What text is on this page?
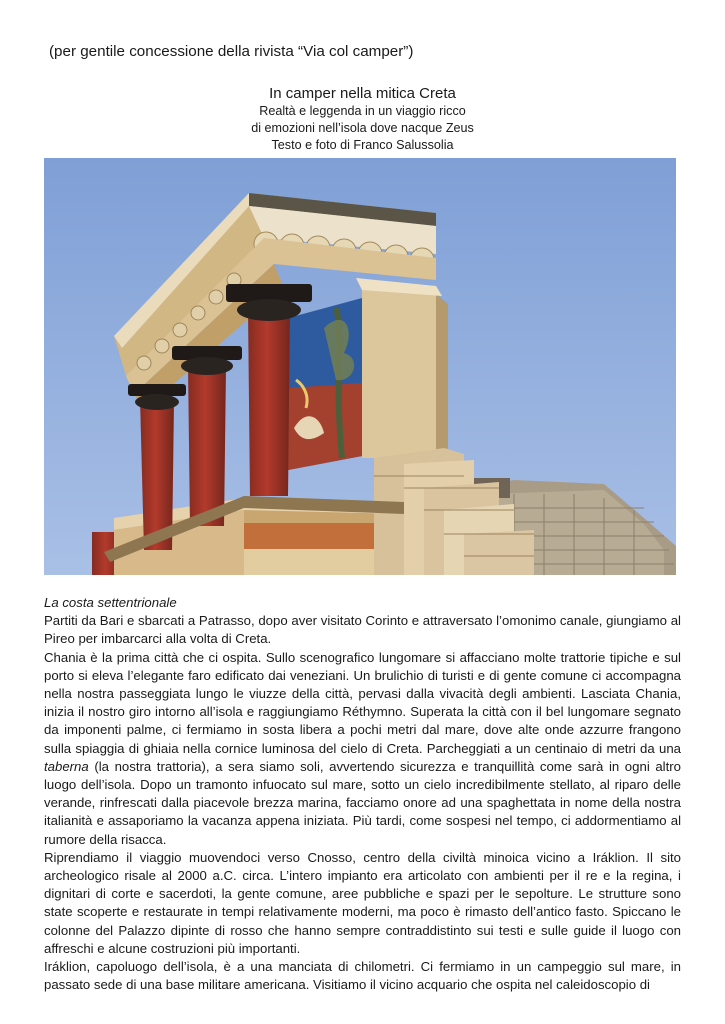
(per gentile concessione della rivista “Via col camper”)
In camper nella mitica Creta
Realtà e leggenda in un viaggio ricco
di emozioni nell’isola dove nacque Zeus
Testo e foto di Franco Salussolia

La costa settentrionale

Partiti da Bari e sbarcati a Patrasso, dopo aver visitato Corinto e attraversato l’omonimo canale, giungiamo al Pireo per imbarcarci alla volta di Creta.

Chania è la prima città che ci ospita. Sullo scenografico lungomare si affacciano molte trattorie tipiche e sul porto si eleva l’elegante faro edificato dai veneziani. Un brulichio di turisti e di gente comune ci accompagna nella nostra passeggiata lungo le viuzze della città, pervasi dalla vivacità degli ambienti. Lasciata Chania, inizia il nostro giro intorno all’isola e raggiungiamo Réthymno. Superata la città con il bel lungomare segnato da imponenti palme, ci fermiamo in sosta libera a pochi metri dal mare, dove alte onde azzurre frangono sulla spiaggia di ghiaia nella cornice luminosa del cielo di Creta. Parcheggiati a un centinaio di metri da una taberna (la nostra trattoria), a sera siamo soli, avvertendo sicurezza e tranquillità come sarà in ogni altro luogo dell’isola. Dopo un tramonto infuocato sul mare, sotto un cielo incredibilmente stellato, al riparo delle verande, rinfrescati dalla piacevole brezza marina, facciamo onore ad una spaghettata in nome della nostra italianità e assaporiamo la vacanza appena iniziata. Più tardi, come sospesi nel tempo, ci addormentiamo al rumore della risacca.

Riprendiamo il viaggio muovendoci verso Cnosso, centro della civiltà minoica vicino a Iráklion. Il sito archeologico risale al 2000 a.C. circa. L’intero impianto era articolato con ambienti per il re e la regina, i dignitari di corte e sacerdoti, la gente comune, aree pubbliche e spazi per le sepolture. Le strutture sono state scoperte e restaurate in tempi relativamente moderni, ma poco è rimasto dell’antico fasto. Spiccano le colonne del Palazzo dipinte di rosso che hanno sempre contraddistinto sui testi e sulle guide il luogo con affreschi e alcune costruzioni più importanti.

Iráklion, capoluogo dell’isola, è a una manciata di chilometri. Ci fermiamo in un campeggio sul mare, in passato sede di una base militare americana. Visitiamo il vicino acquario che ospita nel caleidoscopio di
